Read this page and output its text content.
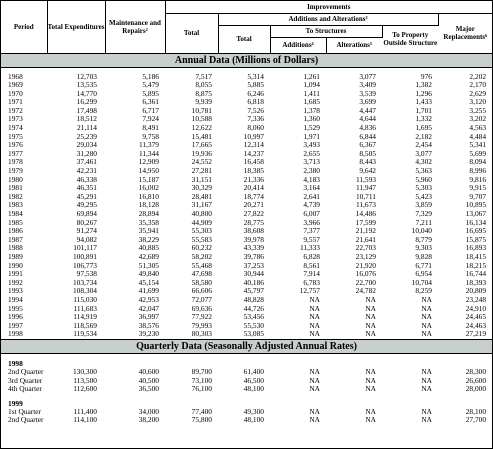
Period	Total Expenditures	Maintenance and Repairs²	Improvements					
			Total	Additions and Alterations³				Major Replacements⁶
				Total	To Structures		To Property Outside Structure	
					Additions⁴	Alterations⁵		
Annual Data (Millions of Dollars)								

1968	12,703	5,186	7,517	5,314	1,261	3,077	976	2,202
1969	13,535	5,479	8,055	5,885	1,094	3,409	1,382	2,170
1970	14,770	5,895	8,875	6,246	1,411	3,539	1,296	2,629
1971	16,299	6,361	9,939	6,818	1,685	3,699	1,433	3,120
1972	17,498	6,717	10,781	7,526	1,378	4,447	1,701	3,255
1973	18,512	7,924	10,588	7,336	1,360	4,644	1,332	3,202
1974	21,114	8,491	12,622	8,060	1,529	4,836	1,695	4,563
1975	25,239	9,758	15,481	10,997	1,971	6,844	2,182	4,484
1976	29,034	11,379	17,665	12,314	3,493	6,367	2,454	5,341
1977	31,280	11,344	19,936	14,237	2,655	8,505	3,077	5,699
1978	37,461	12,909	24,552	16,458	3,713	8,443	4,302	8,094
1979	42,231	14,950	27,281	18,385	2,380	9,642	5,363	8,996
1980	46,338	15,187	31,151	21,336	4,183	11,593	5,960	9,816
1981	46,351	16,002	30,329	20,414	3,164	11,947	5,303	9,915
1982	45,291	16,810	28,481	18,774	2,641	10,711	5,423	9,707
1983	49,295	18,128	31,167	20,271	4,739	11,673	3,859	10,895
1984	69,894	28,894	40,800	27,822	6,007	14,486	7,329	13,067
1985	80,267	35,358	44,909	28,775	3,966	17,599	7,211	16,134
1986	91,274	35,941	55,303	38,608	7,377	21,192	10,040	16,695
1987	94,082	38,229	55,583	39,978	9,557	21,641	8,779	15,875
1988	101,117	40,885	60,232	43,339	11,333	22,703	9,303	16,893
1989	100,891	42,689	58,202	39,786	6,828	23,129	9,828	18,415
1990	106,773	51,305	55,468	37,253	8,561	21,920	6,771	18,215
1991	97,538	49,840	47,698	30,944	7,914	16,076	6,954	16,744
1992	103,734	45,154	58,580	40,186	6,783	22,700	10,704	18,393
1993	108,304	41,699	66,606	45,797	12,757	24,782	8,259	20,809
1994	115,030	42,953	72,077	48,828	NA	NA	NA	23,248
1995	111,683	42,047	69,636	44,726	NA	NA	NA	24,910
1996	114,919	36,997	77,922	53,456	NA	NA	NA	24,465
1997	118,569	38,576	79,993	55,530	NA	NA	NA	24,463
1998	119,534	39,230	80,303	53,085	NA	NA	NA	27,219
Quarterly Data (Seasonally Adjusted Annual Rates)								

1998								
2nd Quarter	130,300	40,600	89,700	61,400	NA	NA	NA	28,300
3rd Quarter	113,500	40,500	73,100	46,500	NA	NA	NA	26,600
4th Quarter	112,600	36,500	76,100	48,100	NA	NA	NA	28,000

1999								
1st Quarter	111,400	34,000	77,400	49,300	NA	NA	NA	28,100
2nd Quarter	114,100	38,200	75,800	48,100	NA	NA	NA	27,700
